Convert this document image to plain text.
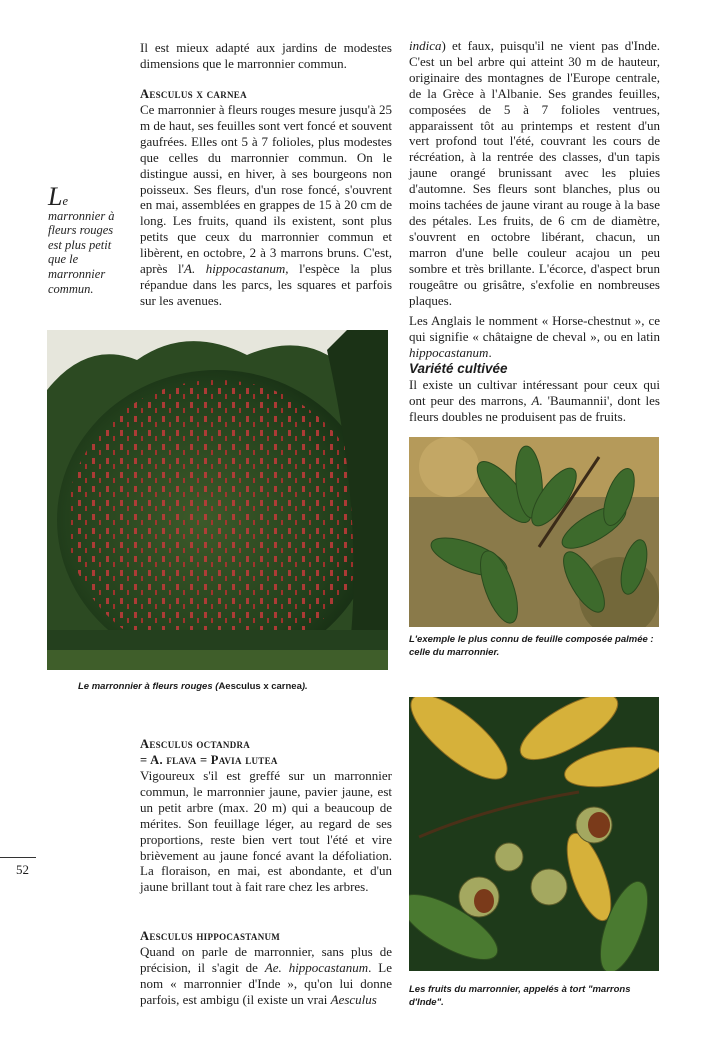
Il est mieux adapté aux jardins de modestes dimensions que le marronnier commun.
Aesculus x carnea
Ce marronnier à fleurs rouges mesure jusqu'à 25 m de haut, ses feuilles sont vert foncé et souvent gaufrées. Elles ont 5 à 7 folioles, plus modestes que celles du marronnier commun. On le distingue aussi, en hiver, à ses bourgeons non poisseux. Ses fleurs, d'un rose foncé, s'ouvrent en mai, assemblées en grappes de 15 à 20 cm de long. Les fruits, quand ils existent, sont plus petits que ceux du marronnier commun et libèrent, en octobre, 2 à 3 marrons bruns. C'est, après l'A. hippocastanum, l'espèce la plus répandue dans les parcs, les squares et parfois sur les avenues.
Le marronnier à fleurs rouges est plus petit que le marronnier commun.
indica) et faux, puisqu'il ne vient pas d'Inde. C'est un bel arbre qui atteint 30 m de hauteur, originaire des montagnes de l'Europe centrale, de la Grèce à l'Albanie. Ses grandes feuilles, composées de 5 à 7 folioles ventrues, apparaissent tôt au printemps et restent d'un vert profond tout l'été, couvrant les cours de récréation, à la rentrée des classes, d'un tapis jaune orangé brunissant avec les pluies d'automne. Ses fleurs sont blanches, plus ou moins tachées de jaune virant au rouge à la base des pétales. Les fruits, de 6 cm de diamètre, s'ouvrent en octobre libérant, chacun, un marron d'une belle couleur acajou un peu sombre et très brillante. L'écorce, d'aspect brun rougeâtre ou grisâtre, s'exfolie en nombreuses plaques.
Les Anglais le nomment « Horse-chestnut », ce qui signifie « châtaigne de cheval », ou en latin hippocastanum.
Variété cultivée
Il existe un cultivar intéressant pour ceux qui ont peur des marrons, A. 'Baumannii', dont les fleurs doubles ne produisent pas de fruits.
Le marronnier à fleurs rouges (Aesculus x carnea).
L'exemple le plus connu de feuille composée palmée : celle du marronnier.
Les fruits du marronnier, appelés à tort "marrons d'Inde".
Aesculus octandra
= A. flava = Pavia lutea
Vigoureux s'il est greffé sur un marronnier commun, le marronnier jaune, pavier jaune, est un petit arbre (max. 20 m) qui a beaucoup de mérites. Son feuillage léger, au regard de ses proportions, reste bien vert tout l'été et vire brièvement au jaune foncé avant la défoliation. La floraison, en mai, est abondante, et d'un jaune brillant tout à fait rare chez les arbres.
Aesculus hippocastanum
Quand on parle de marronnier, sans plus de précision, il s'agit de Ae. hippocastanum. Le nom « marronnier d'Inde », qu'on lui donne parfois, est ambigu (il existe un vrai Aesculus
52
